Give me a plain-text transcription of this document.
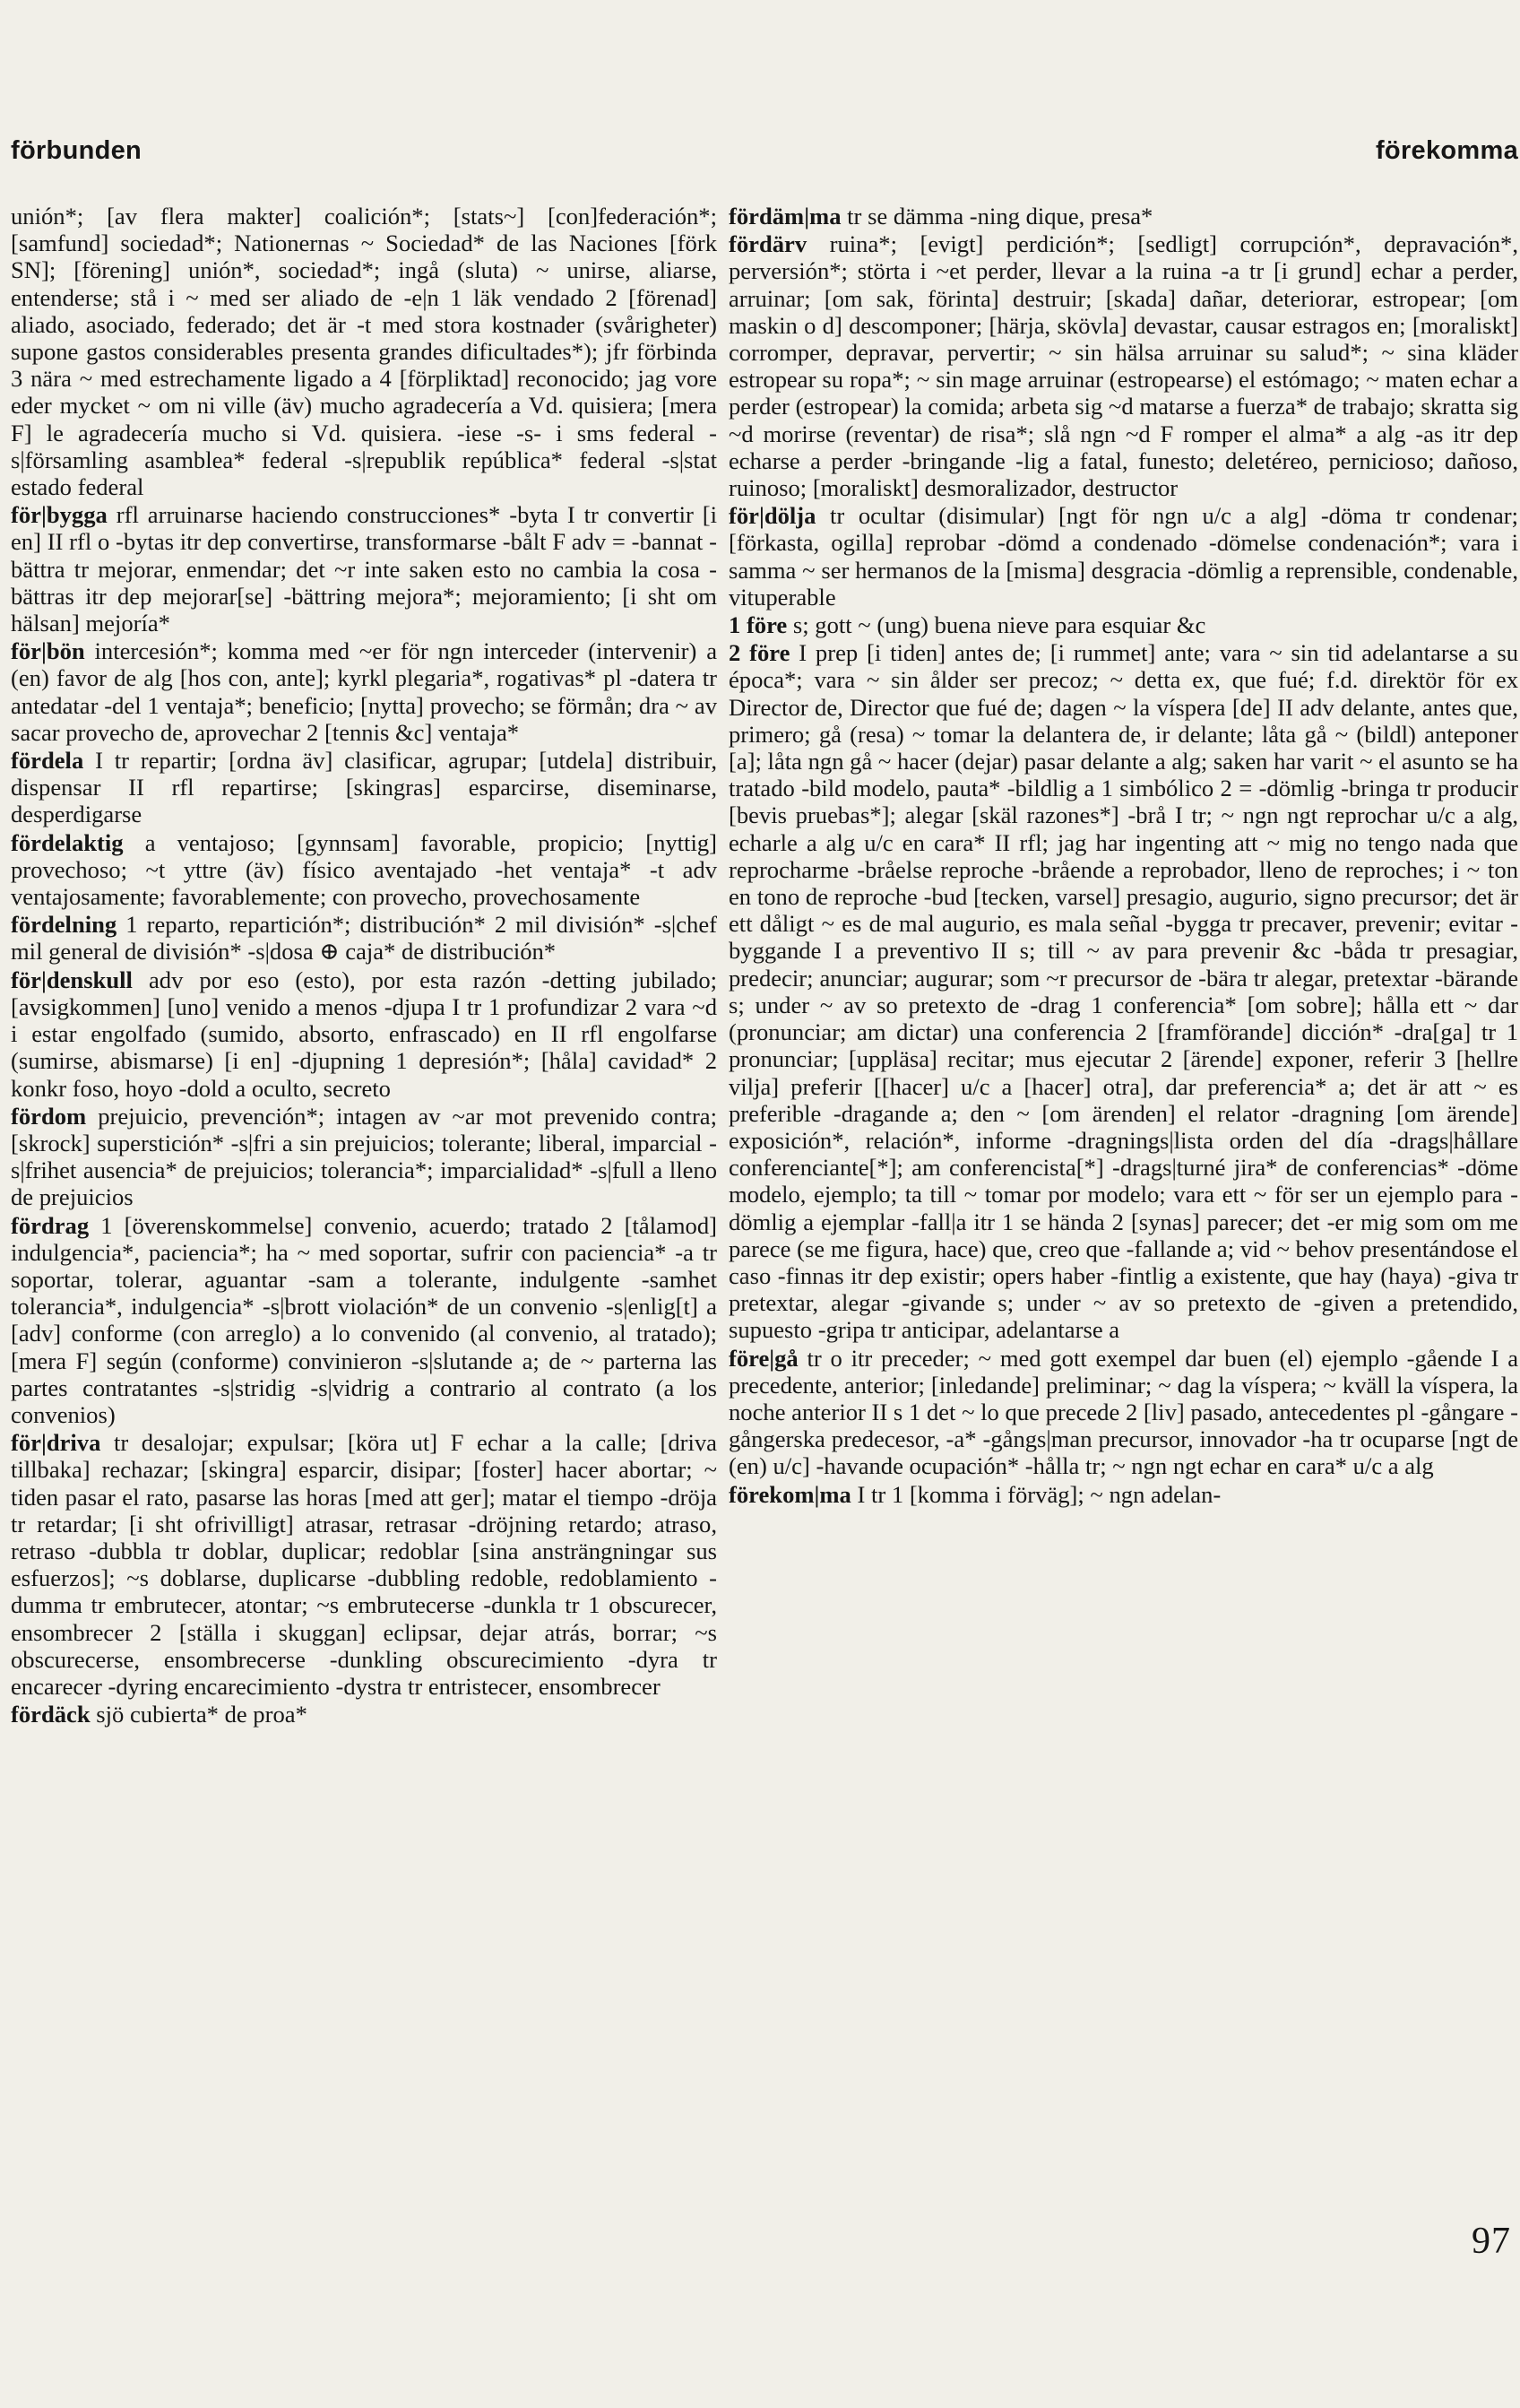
förbunden	förekomma

unión*; [av flera makter] coalición*; [stats~] [con]federación*; [samfund] sociedad*; Nationernas ~ Sociedad* de las Naciones [förk SN]; [förening] unión*, sociedad*; ingå (sluta) ~ unirse, aliarse, entenderse; stå i ~ med ser aliado de -e|n 1 läk vendado 2 [förenad] aliado, asociado, federado; det är -t med stora kostnader (svårigheter) supone gastos considerables presenta grandes dificultades*); jfr förbinda 3 nära ~ med estrechamente ligado a 4 [förpliktad] reconocido; jag vore eder mycket ~ om ni ville (äv) mucho agradecería a Vd. quisiera; [mera F] le agradecería mucho si Vd. quisiera. -iese -s- i sms federal -s|församling asamblea* federal -s|republik república* federal -s|stat estado federal

för|bygga rfl arruinarse haciendo construcciones* -byta I tr convertir [i en] II rfl o -bytas itr dep convertirse, transformarse -bålt F adv = -bannat -bättra tr mejorar, enmendar; det ~r inte saken esto no cambia la cosa -bättras itr dep mejorar[se] -bättring mejora*; mejoramiento; [i sht om hälsan] mejoría*

för|bön intercesión*; komma med ~er för ngn interceder (intervenir) a (en) favor de alg [hos con, ante]; kyrkl plegaria*, rogativas* pl -datera tr antedatar -del 1 ventaja*; beneficio; [nytta] provecho; se förmån; dra ~ av sacar provecho de, aprovechar 2 [tennis &c] ventaja*

fördela I tr repartir; [ordna äv] clasificar, agrupar; [utdela] distribuir, dispensar II rfl repartirse; [skingras] esparcirse, diseminarse, desperdigarse

fördelaktig a ventajoso; [gynnsam] favorable, propicio; [nyttig] provechoso; ~t yttre (äv) físico aventajado -het ventaja* -t adv ventajosamente; favorablemente; con provecho, provechosamente

fördelning 1 reparto, repartición*; distribución* 2 mil división* -s|chef mil general de división* -s|dosa ⊕ caja* de distribución*

för|denskull adv por eso (esto), por esta razón -detting jubilado; [avsigkommen] [uno] venido a menos -djupa I tr 1 profundizar 2 vara ~d i estar engolfado (sumido, absorto, enfrascado) en II rfl engolfarse (sumirse, abismarse) [i en] -djupning 1 depresión*; [håla] cavidad* 2 konkr foso, hoyo -dold a oculto, secreto

fördom prejuicio, prevención*; intagen av ~ar mot prevenido contra; [skrock] superstición* -s|fri a sin prejuicios; tolerante; liberal, imparcial -s|frihet ausencia* de prejuicios; tolerancia*; imparcialidad* -s|full a lleno de prejuicios

fördrag 1 [överenskommelse] convenio, acuerdo; tratado 2 [tålamod] indulgencia*, paciencia*; ha ~ med soportar, sufrir con paciencia* -a tr soportar, tolerar, aguantar -sam a tolerante, indulgente -samhet tolerancia*, indulgencia* -s|brott violación* de un convenio -s|enlig[t] a [adv] conforme (con arreglo) a lo convenido (al convenio, al tratado); [mera F] según (conforme) convinieron -s|slutande a; de ~ parterna las partes contratantes -s|stridig -s|vidrig a contrario al contrato (a los convenios)

för|driva tr desalojar; expulsar; [köra ut] F echar a la calle; [driva tillbaka] rechazar; [skingra] esparcir, disipar; [foster] hacer abortar; ~ tiden pasar el rato, pasarse las horas [med att ger]; matar el tiempo -dröja tr retardar; [i sht ofrivilligt] atrasar, retrasar -dröjning retardo; atraso, retraso -dubbla tr doblar, duplicar; redoblar [sina ansträngningar sus esfuerzos]; ~s doblarse, duplicarse -dubbling redoble, redoblamiento -dumma tr embrutecer, atontar; ~s embrutecerse -dunkla tr 1 obscurecer, ensombrecer 2 [ställa i skuggan] eclipsar, dejar atrás, borrar; ~s obscurecerse, ensombrecerse -dunkling obscurecimiento -dyra tr encarecer -dyring encarecimiento -dystra tr entristecer, ensombrecer

fördäck sjö cubierta* de proa*

fördäm|ma tr se dämma -ning dique, presa*

fördärv ruina*; [evigt] perdición*; [sedligt] corrupción*, depravación*, perversión*; störta i ~et perder, llevar a la ruina -a tr [i grund] echar a perder, arruinar; [om sak, förinta] destruir; [skada] dañar, deteriorar, estropear; [om maskin o d] descomponer; [härja, skövla] devastar, causar estragos en; [moraliskt] corromper, depravar, pervertir; ~ sin hälsa arruinar su salud*; ~ sina kläder estropear su ropa*; ~ sin mage arruinar (estropearse) el estómago; ~ maten echar a perder (estropear) la comida; arbeta sig ~d matarse a fuerza* de trabajo; skratta sig ~d morirse (reventar) de risa*; slå ngn ~d F romper el alma* a alg -as itr dep echarse a perder -bringande -lig a fatal, funesto; deletéreo, pernicioso; dañoso, ruinoso; [moraliskt] desmoralizador, destructor

för|dölja tr ocultar (disimular) [ngt för ngn u/c a alg] -döma tr condenar; [förkasta, ogilla] reprobar -dömd a condenado -dömelse condenación*; vara i samma ~ ser hermanos de la [misma] desgracia -dömlig a reprensible, condenable, vituperable

1 före s; gott ~ (ung) buena nieve para esquiar &c

2 före I prep [i tiden] antes de; [i rummet] ante; vara ~ sin tid adelantarse a su época*; vara ~ sin ålder ser precoz; ~ detta ex, que fué; f.d. direktör för ex Director de, Director que fué de; dagen ~ la víspera [de] II adv delante, antes que, primero; gå (resa) ~ tomar la delantera de, ir delante; låta gå ~ (bildl) anteponer [a]; låta ngn gå ~ hacer (dejar) pasar delante a alg; saken har varit ~ el asunto se ha tratado -bild modelo, pauta* -bildlig a 1 simbólico 2 = -dömlig -bringa tr producir [bevis pruebas*]; alegar [skäl razones*] -brå I tr; ~ ngn ngt reprochar u/c a alg, echarle a alg u/c en cara* II rfl; jag har ingenting att ~ mig no tengo nada que reprocharme -bråelse reproche -brående a reprobador, lleno de reproches; i ~ ton en tono de reproche -bud [tecken, varsel] presagio, augurio, signo precursor; det är ett dåligt ~ es de mal augurio, es mala señal -bygga tr precaver, prevenir; evitar -byggande I a preventivo II s; till ~ av para prevenir &c -båda tr presagiar, predecir; anunciar; augurar; som ~r precursor de -bära tr alegar, pretextar -bärande s; under ~ av so pretexto de -drag 1 conferencia* [om sobre]; hålla ett ~ dar (pronunciar; am dictar) una conferencia 2 [framförande] dicción* -dra[ga] tr 1 pronunciar; [uppläsa] recitar; mus ejecutar 2 [ärende] exponer, referir 3 [hellre vilja] preferir [[hacer] u/c a [hacer] otra], dar preferencia* a; det är att ~ es preferible -dragande a; den ~ [om ärenden] el relator -dragning [om ärende] exposición*, relación*, informe -dragnings|lista orden del día -drags|hållare conferenciante[*]; am conferencista[*] -drags|turné jira* de conferencias* -döme modelo, ejemplo; ta till ~ tomar por modelo; vara ett ~ för ser un ejemplo para -dömlig a ejemplar -fall|a itr 1 se hända 2 [synas] parecer; det -er mig som om me parece (se me figura, hace) que, creo que -fallande a; vid ~ behov presentándose el caso -finnas itr dep existir; opers haber -fintlig a existente, que hay (haya) -giva tr pretextar, alegar -givande s; under ~ av so pretexto de -given a pretendido, supuesto -gripa tr anticipar, adelantarse a

före|gå tr o itr preceder; ~ med gott exempel dar buen (el) ejemplo -gående I a precedente, anterior; [inledande] preliminar; ~ dag la víspera; ~ kväll la víspera, la noche anterior II s 1 det ~ lo que precede 2 [liv] pasado, antecedentes pl -gångare -gångerska predecesor, -a* -gångs|man precursor, innovador -ha tr ocuparse [ngt de (en) u/c] -havande ocupación* -hålla tr; ~ ngn ngt echar en cara* u/c a alg

förekom|ma I tr 1 [komma i förväg]; ~ ngn adelan-

97
